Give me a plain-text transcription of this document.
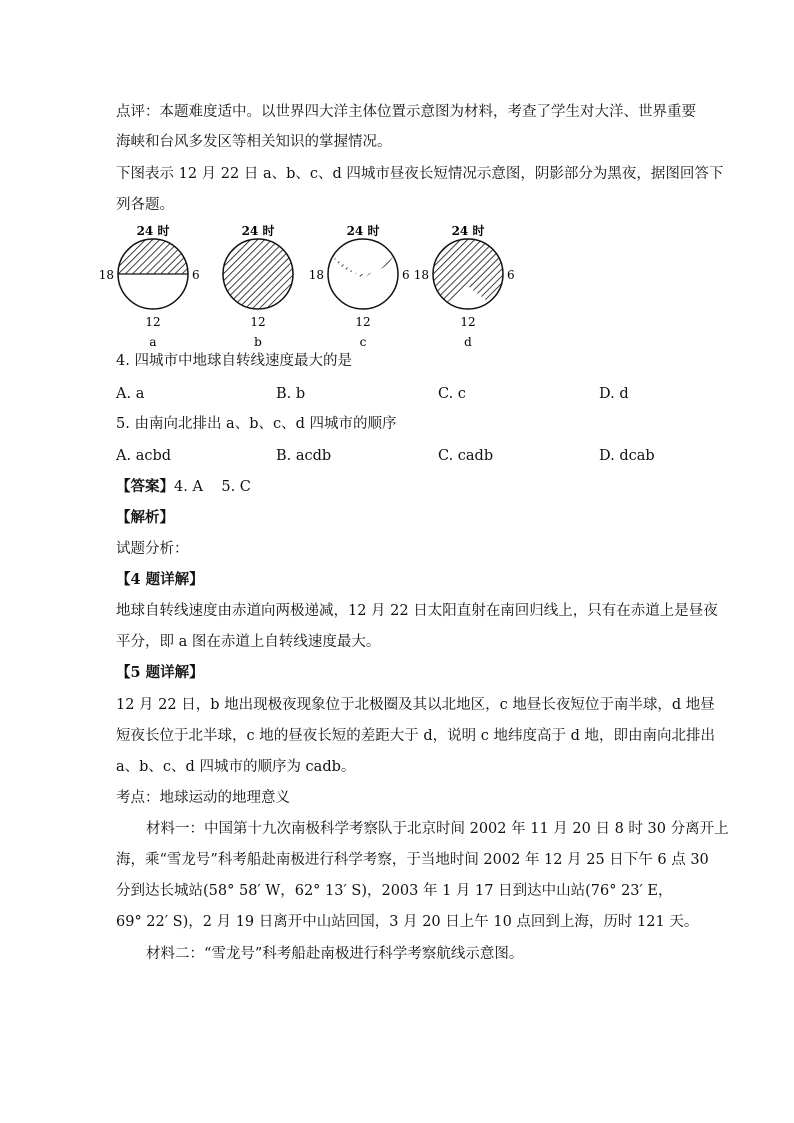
点评：本题难度适中。以世界四大洋主体位置示意图为材料，考查了学生对大洋、世界重要
海峡和台风多发区等相关知识的掌握情况。
下图表示 12 月 22 日 a、b、c、d 四城市昼夜长短情况示意图，阴影部分为黑夜，据图回答下
列各题。
24 时
18	6
12
a
24 时
12
b
24 时
18	6
12
c
24 时
18	6
12
d
4. 四城市中地球自转线速度最大的是
A. a	B. b	C. c	D. d
5. 由南向北排出 a、b、c、d 四城市的顺序
A. acbd	B. acdb	C. cadb	D. dcab
【答案】4. A    5. C
【解析】
试题分析：
【4 题详解】
地球自转线速度由赤道向两极递减，12 月 22 日太阳直射在南回归线上，只有在赤道上是昼夜
平分，即 a 图在赤道上自转线速度最大。
【5 题详解】
12 月 22 日，b 地出现极夜现象位于北极圈及其以北地区，c 地昼长夜短位于南半球，d 地昼
短夜长位于北半球，c 地的昼夜长短的差距大于 d，说明 c 地纬度高于 d 地，即由南向北排出
a、b、c、d 四城市的顺序为 cadb。
考点：地球运动的地理意义
材料一：中国第十九次南极科学考察队于北京时间 2002 年 11 月 20 日 8 时 30 分离开上
海，乘“雪龙号”科考船赴南极进行科学考察，于当地时间 2002 年 12 月 25 日下午 6 点 30
分到达长城站(58° 58′ W，62° 13′ S)，2003 年 1 月 17 日到达中山站(76° 23′ E，
69° 22′ S)，2 月 19 日离开中山站回国，3 月 20 日上午 10 点回到上海，历时 121 天。
材料二：“雪龙号”科考船赴南极进行科学考察航线示意图。
